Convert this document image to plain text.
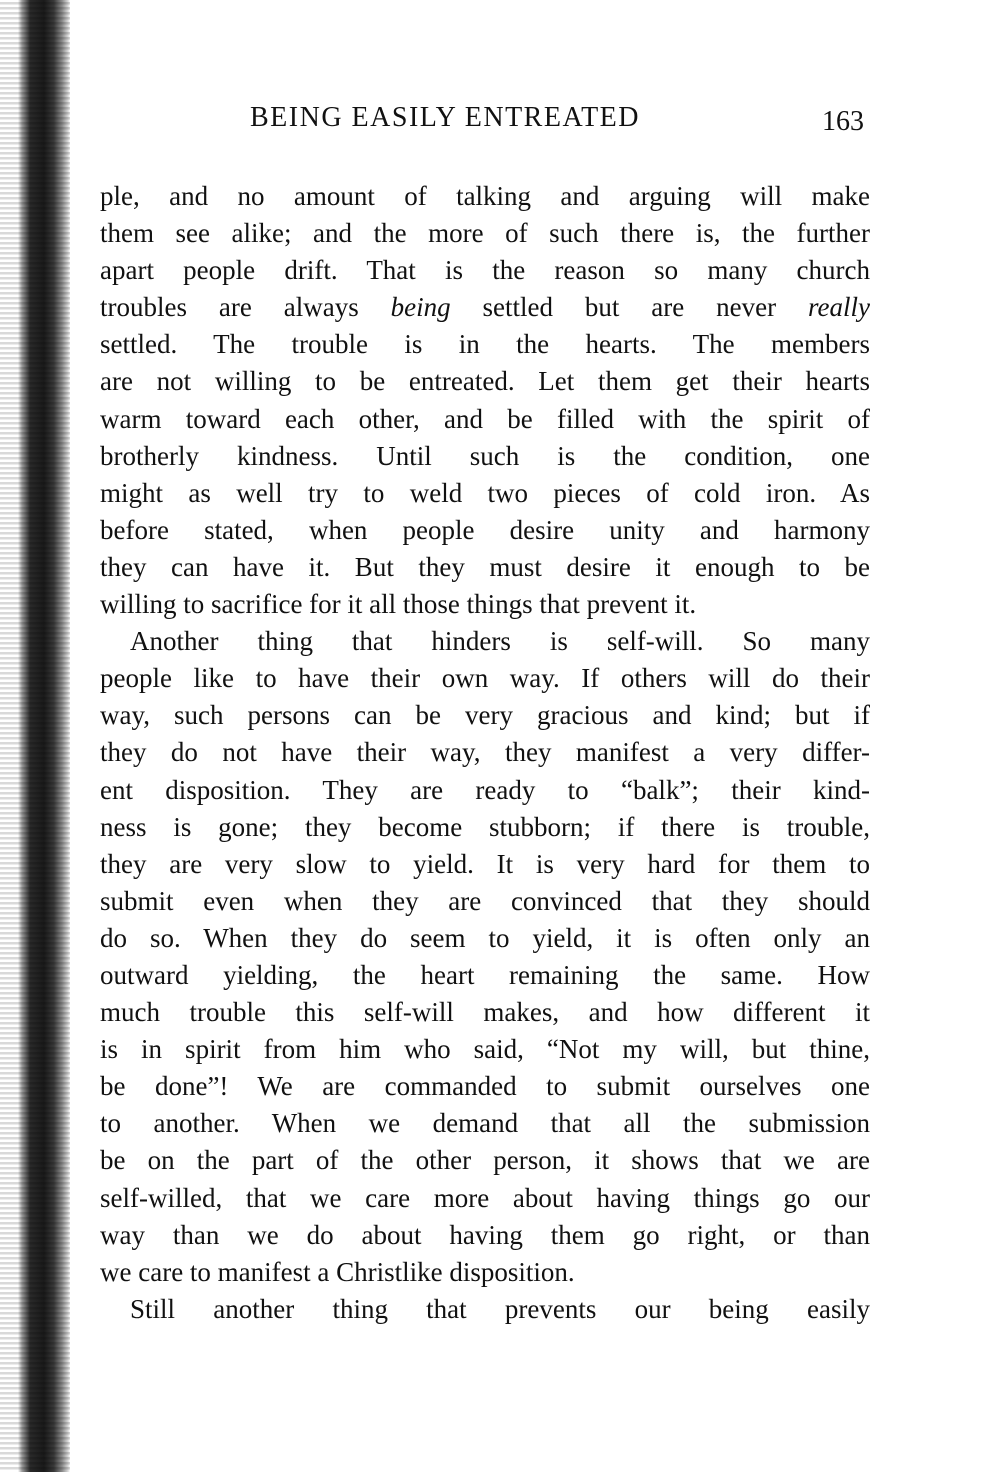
BEING EASILY ENTREATED	163
ple, and no amount of talking and arguing will make
them see alike; and the more of such there is, the further
apart people drift. That is the reason so many church
troubles are always being settled but are never really
settled. The trouble is in the hearts. The members
are not willing to be entreated. Let them get their hearts
warm toward each other, and be filled with the spirit of
brotherly kindness. Until such is the condition, one
might as well try to weld two pieces of cold iron. As
before stated, when people desire unity and harmony
they can have it. But they must desire it enough to be
willing to sacrifice for it all those things that prevent it.
Another thing that hinders is self-will. So many
people like to have their own way. If others will do their
way, such persons can be very gracious and kind; but if
they do not have their way, they manifest a very differ-
ent disposition. They are ready to “balk”; their kind-
ness is gone; they become stubborn; if there is trouble,
they are very slow to yield. It is very hard for them to
submit even when they are convinced that they should
do so. When they do seem to yield, it is often only an
outward yielding, the heart remaining the same. How
much trouble this self-will makes, and how different it
is in spirit from him who said, “Not my will, but thine,
be done”! We are commanded to submit ourselves one
to another. When we demand that all the submission
be on the part of the other person, it shows that we are
self-willed, that we care more about having things go our
way than we do about having them go right, or than
we care to manifest a Christlike disposition.
Still another thing that prevents our being easily
